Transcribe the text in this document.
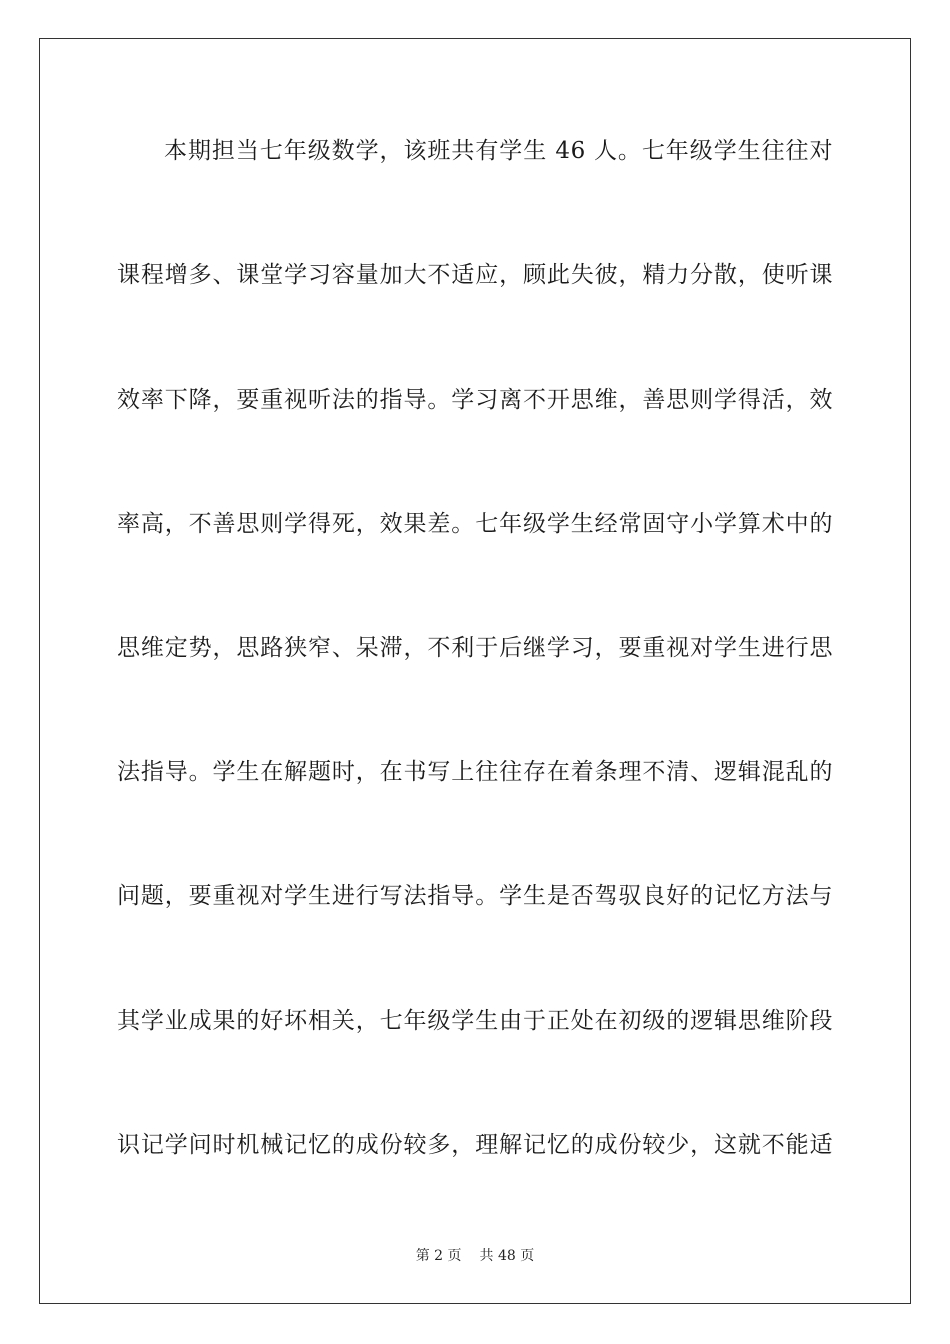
本期担当七年级数学，该班共有学生 46 人。七年级学生往往对
课程增多、课堂学习容量加大不适应，顾此失彼，精力分散，使听课
效率下降，要重视听法的指导。学习离不开思维，善思则学得活，效
率高，不善思则学得死，效果差。七年级学生经常固守小学算术中的
思维定势，思路狭窄、呆滞，不利于后继学习，要重视对学生进行思
法指导。学生在解题时，在书写上往往存在着条理不清、逻辑混乱的
问题，要重视对学生进行写法指导。学生是否驾驭良好的记忆方法与
其学业成果的好坏相关，七年级学生由于正处在初级的逻辑思维阶段
识记学问时机械记忆的成份较多，理解记忆的成份较少，这就不能适
第 2 页 共 48 页
